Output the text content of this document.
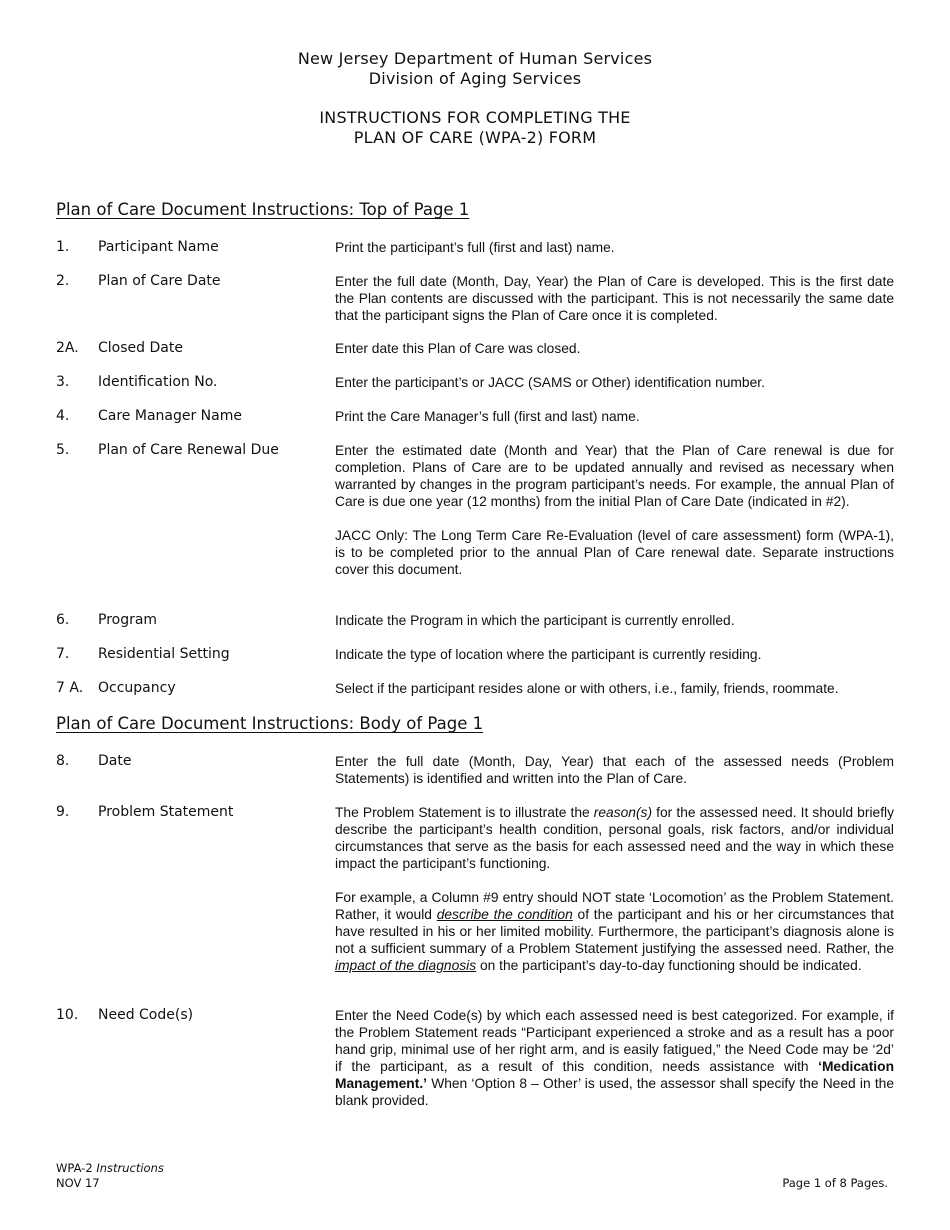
New Jersey Department of Human Services
Division of Aging Services
INSTRUCTIONS FOR COMPLETING THE
PLAN OF CARE (WPA-2) FORM
Plan of Care Document Instructions: Top of Page 1
1.	Participant Name	Print the participant’s full (first and last) name.
2.	Plan of Care Date	Enter the full date (Month, Day, Year) the Plan of Care is developed. This is the first date the Plan contents are discussed with the participant. This is not necessarily the same date that the participant signs the Plan of Care once it is completed.
2A.	Closed Date	Enter date this Plan of Care was closed.
3.	Identification No.	Enter the participant’s or JACC (SAMS or Other) identification number.
4.	Care Manager Name	Print the Care Manager’s full (first and last) name.
5.	Plan of Care Renewal Due	Enter the estimated date (Month and Year) that the Plan of Care renewal is due for completion. Plans of Care are to be updated annually and revised as necessary when warranted by changes in the program participant’s needs. For example, the annual Plan of Care is due one year (12 months) from the initial Plan of Care Date (indicated in #2).

JACC Only: The Long Term Care Re-Evaluation (level of care assessment) form (WPA-1), is to be completed prior to the annual Plan of Care renewal date. Separate instructions cover this document.

6.	Program	Indicate the Program in which the participant is currently enrolled.
7.	Residential Setting	Indicate the type of location where the participant is currently residing.
7 A.	Occupancy	Select if the participant resides alone or with others, i.e., family, friends, roommate.
Plan of Care Document Instructions: Body of Page 1
8.	Date	Enter the full date (Month, Day, Year) that each of the assessed needs (Problem Statements) is identified and written into the Plan of Care.
9.	Problem Statement	The Problem Statement is to illustrate the reason(s) for the assessed need. It should briefly describe the participant’s health condition, personal goals, risk factors, and/or individual circumstances that serve as the basis for each assessed need and the way in which these impact the participant’s functioning.

For example, a Column #9 entry should NOT state ‘Locomotion’ as the Problem Statement. Rather, it would describe the condition of the participant and his or her circumstances that have resulted in his or her limited mobility. Furthermore, the participant’s diagnosis alone is not a sufficient summary of a Problem Statement justifying the assessed need. Rather, the impact of the diagnosis on the participant’s day-to-day functioning should be indicated.

10.	Need Code(s)	Enter the Need Code(s) by which each assessed need is best categorized. For example, if the Problem Statement reads “Participant experienced a stroke and as a result has a poor hand grip, minimal use of her right arm, and is easily fatigued,” the Need Code may be ‘2d’ if the participant, as a result of this condition, needs assistance with ‘Medication Management.’ When ‘Option 8 – Other’ is used, the assessor shall specify the Need in the blank provided.

WPA-2 Instructions
NOV 17	Page 1 of 8 Pages.
